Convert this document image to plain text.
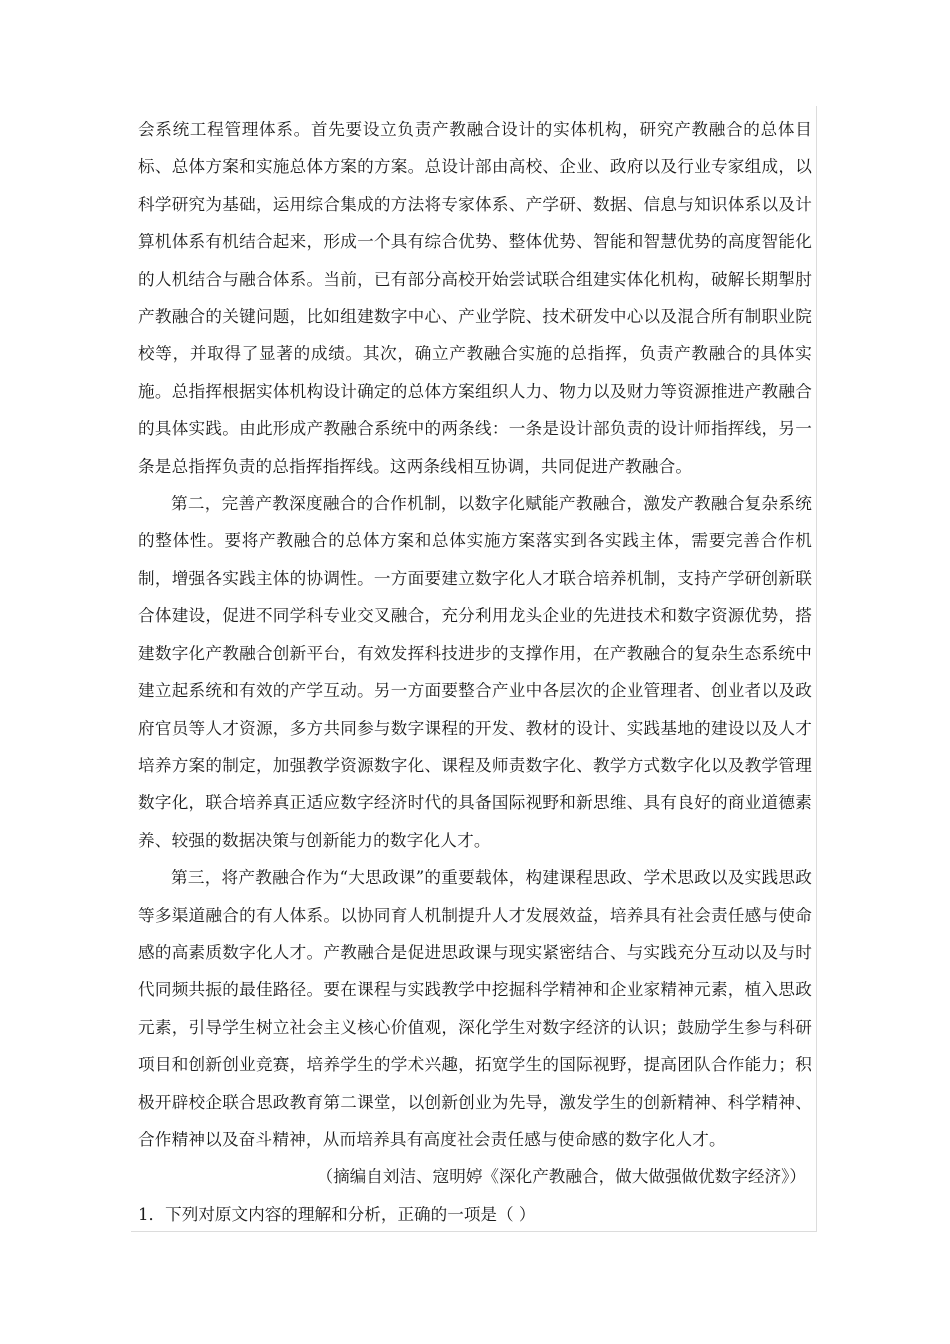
会系统工程管理体系。首先要设立负责产教融合设计的实体机构，研究产教融合的总体目标、总体方案和实施总体方案的方案。总设计部由高校、企业、政府以及行业专家组成，以科学研究为基础，运用综合集成的方法将专家体系、产学研、数据、信息与知识体系以及计算机体系有机结合起来，形成一个具有综合优势、整体优势、智能和智慧优势的高度智能化的人机结合与融合体系。当前，已有部分高校开始尝试联合组建实体化机构，破解长期掣肘产教融合的关键问题，比如组建数字中心、产业学院、技术研发中心以及混合所有制职业院校等，并取得了显著的成绩。其次，确立产教融合实施的总指挥，负责产教融合的具体实施。总指挥根据实体机构设计确定的总体方案组织人力、物力以及财力等资源推进产教融合的具体实践。由此形成产教融合系统中的两条线：一条是设计部负责的设计师指挥线，另一条是总指挥负责的总指挥指挥线。这两条线相互协调，共同促进产教融合。

第二，完善产教深度融合的合作机制，以数字化赋能产教融合，激发产教融合复杂系统的整体性。要将产教融合的总体方案和总体实施方案落实到各实践主体，需要完善合作机制，增强各实践主体的协调性。一方面要建立数字化人才联合培养机制，支持产学研创新联合体建设，促进不同学科专业交叉融合，充分利用龙头企业的先进技术和数字资源优势，搭建数字化产教融合创新平台，有效发挥科技进步的支撑作用，在产教融合的复杂生态系统中建立起系统和有效的产学互动。另一方面要整合产业中各层次的企业管理者、创业者以及政府官员等人才资源，多方共同参与数字课程的开发、教材的设计、实践基地的建设以及人才培养方案的制定，加强教学资源数字化、课程及师责数字化、教学方式数字化以及教学管理数字化，联合培养真正适应数字经济时代的具备国际视野和新思维、具有良好的商业道德素养、较强的数据决策与创新能力的数字化人才。

第三，将产教融合作为“大思政课”的重要载体，构建课程思政、学术思政以及实践思政等多渠道融合的有人体系。以协同育人机制提升人才发展效益，培养具有社会责任感与使命感的高素质数字化人才。产教融合是促进思政课与现实紧密结合、与实践充分互动以及与时代同频共振的最佳路径。要在课程与实践教学中挖掘科学精神和企业家精神元素，植入思政元素，引导学生树立社会主义核心价值观，深化学生对数字经济的认识；鼓励学生参与科研项目和创新创业竞赛，培养学生的学术兴趣，拓宽学生的国际视野，提高团队合作能力；积极开辟校企联合思政教育第二课堂，以创新创业为先导，激发学生的创新精神、科学精神、合作精神以及奋斗精神，从而培养具有高度社会责任感与使命感的数字化人才。

（摘编自刘洁、寇明婷《深化产教融合，做大做强做优数字经济》）

1．下列对原文内容的理解和分析，正确的一项是（ ）
